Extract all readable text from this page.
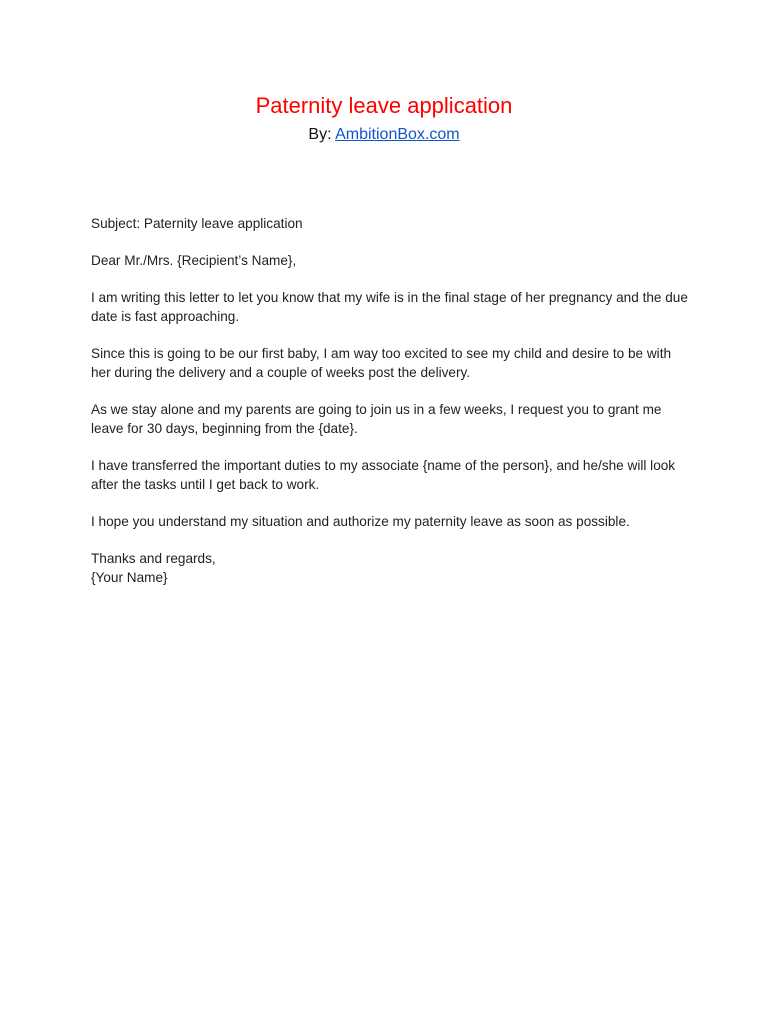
Paternity leave application
By: AmbitionBox.com

Subject: Paternity leave application

Dear Mr./Mrs. {Recipient’s Name},

I am writing this letter to let you know that my wife is in the final stage of her pregnancy and the due date is fast approaching.

Since this is going to be our first baby, I am way too excited to see my child and desire to be with her during the delivery and a couple of weeks post the delivery.

As we stay alone and my parents are going to join us in a few weeks, I request you to grant me leave for 30 days, beginning from the {date}.

I have transferred the important duties to my associate {name of the person}, and he/she will look after the tasks until I get back to work.

I hope you understand my situation and authorize my paternity leave as soon as possible.

Thanks and regards,
{Your Name}
